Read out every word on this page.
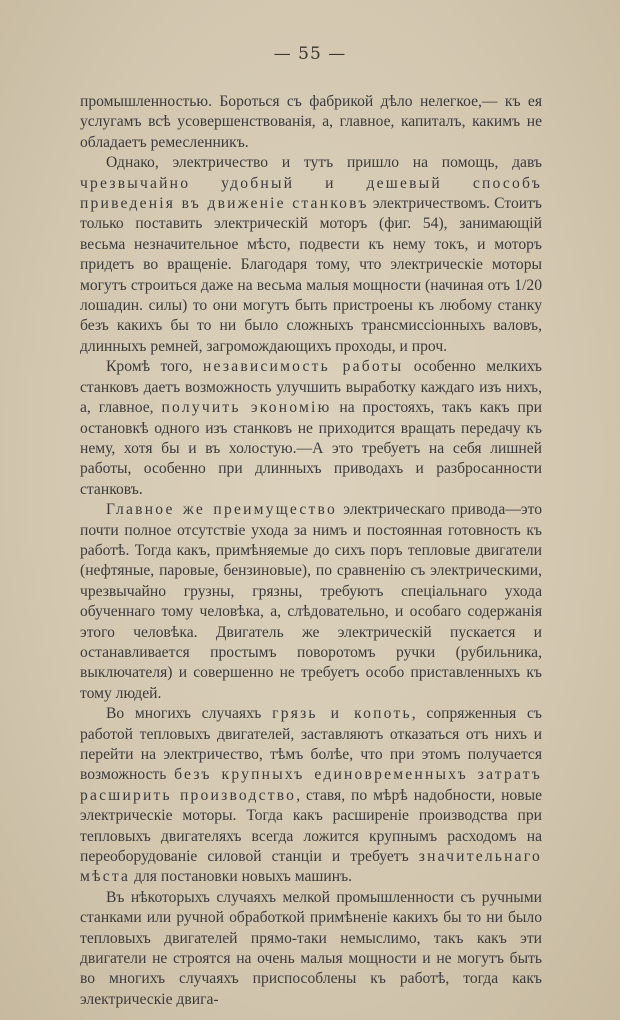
— 55 —

промышленностью. Бороться съ фабрикой дѣло нелегкое,— къ ея услугамъ всѣ усовершенствованія, а, главное, капиталъ, какимъ не обладаетъ ремесленникъ.

Однако, электричество и тутъ пришло на помощь, давъ чрезвычайно удобный и дешевый способъ приведенія въ движеніе станковъ электричествомъ. Стоитъ только поставить электрическій моторъ (фиг. 54), занимающій весьма незначительное мѣсто, подвести къ нему токъ, и моторъ придетъ во вращеніе. Благодаря тому, что электрическіе моторы могутъ строиться даже на весьма малыя мощности (начиная отъ 1/20 лошадин. силы) то они могутъ быть пристроены къ любому станку безъ какихъ бы то ни было сложныхъ трансмиссіонныхъ валовъ, длинныхъ ремней, загромождающихъ проходы, и проч.

Кромѣ того, независимость работы особенно мелкихъ станковъ даетъ возможность улучшить выработку каждаго изъ нихъ, а, главное, получить экономію на простояхъ, такъ какъ при остановкѣ одного изъ станковъ не приходится вращать передачу къ нему, хотя бы и въ холостую.—А это требуетъ на себя лишней работы, особенно при длинныхъ приводахъ и разбросанности станковъ.

Главное же преимущество электрическаго привода—это почти полное отсутствіе ухода за нимъ и постоянная готовность къ работѣ. Тогда какъ, примѣняемые до сихъ поръ тепловые двигатели (нефтяные, паровые, бензиновые), по сравненію съ электрическими, чрезвычайно грузны, грязны, требуютъ спеціальнаго ухода обученнаго тому человѣка, а, слѣдовательно, и особаго содержанія этого человѣка. Двигатель же электрическій пускается и останавливается простымъ поворотомъ ручки (рубильника, выключателя) и совершенно не требуетъ особо приставленныхъ къ тому людей.

Во многихъ случаяхъ грязь и копоть, сопряженныя съ работой тепловыхъ двигателей, заставляютъ отказаться отъ нихъ и перейти на электричество, тѣмъ болѣе, что при этомъ получается возможность безъ крупныхъ единовременныхъ затратъ расширить производство, ставя, по мѣрѣ надобности, новые электрическіе моторы. Тогда какъ расширеніе производства при тепловыхъ двигателяхъ всегда ложится крупнымъ расходомъ на переоборудованіе силовой станціи и требуетъ значительнаго мѣста для постановки новыхъ машинъ.

Въ нѣкоторыхъ случаяхъ мелкой промышленности съ ручными станками или ручной обработкой примѣненіе какихъ бы то ни было тепловыхъ двигателей прямо-таки немыслимо, такъ какъ эти двигатели не строятся на очень малыя мощности и не могутъ быть во многихъ случаяхъ приспособлены къ работѣ, тогда какъ электрическіе двига-
